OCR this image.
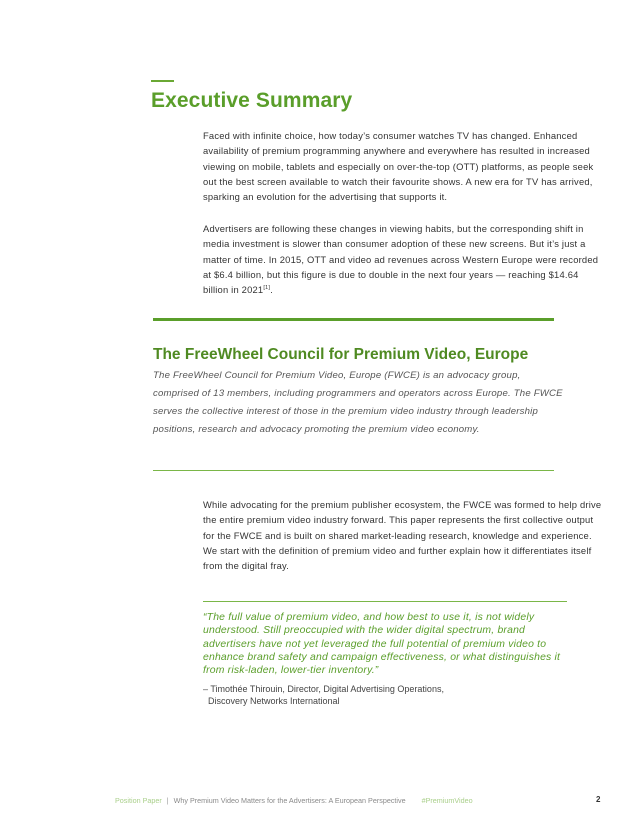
Executive Summary

Faced with infinite choice, how today’s consumer watches TV has changed. Enhanced availability of premium programming anywhere and everywhere has resulted in increased viewing on mobile, tablets and especially on over-the-top (OTT) platforms, as people seek out the best screen available to watch their favourite shows. A new era for TV has arrived, sparking an evolution for the advertising that supports it.

Advertisers are following these changes in viewing habits, but the corresponding shift in media investment is slower than consumer adoption of these new screens. But it’s just a matter of time. In 2015, OTT and video ad revenues across Western Europe were recorded at $6.4 billion, but this figure is due to double in the next four years — reaching $14.64 billion in 2021[1].

The FreeWheel Council for Premium Video, Europe

The FreeWheel Council for Premium Video, Europe (FWCE) is an advocacy group, comprised of 13 members, including programmers and operators across Europe. The FWCE serves the collective interest of those in the premium video industry through leadership positions, research and advocacy promoting the premium video economy.

While advocating for the premium publisher ecosystem, the FWCE was formed to help drive the entire premium video industry forward. This paper represents the first collective output for the FWCE and is built on shared market-leading research, knowledge and experience. We start with the definition of premium video and further explain how it differentiates itself from the digital fray.

“The full value of premium video, and how best to use it, is not widely understood. Still preoccupied with the wider digital spectrum, brand advertisers have not yet leveraged the full potential of premium video to enhance brand safety and campaign effectiveness, or what distinguishes it from risk-laden, lower-tier inventory.”

– Timothée Thirouin, Director, Digital Advertising Operations,
Discovery Networks International
Position Paper | Why Premium Video Matters for the Advertisers: A European Perspective #PremiumVideo	2
